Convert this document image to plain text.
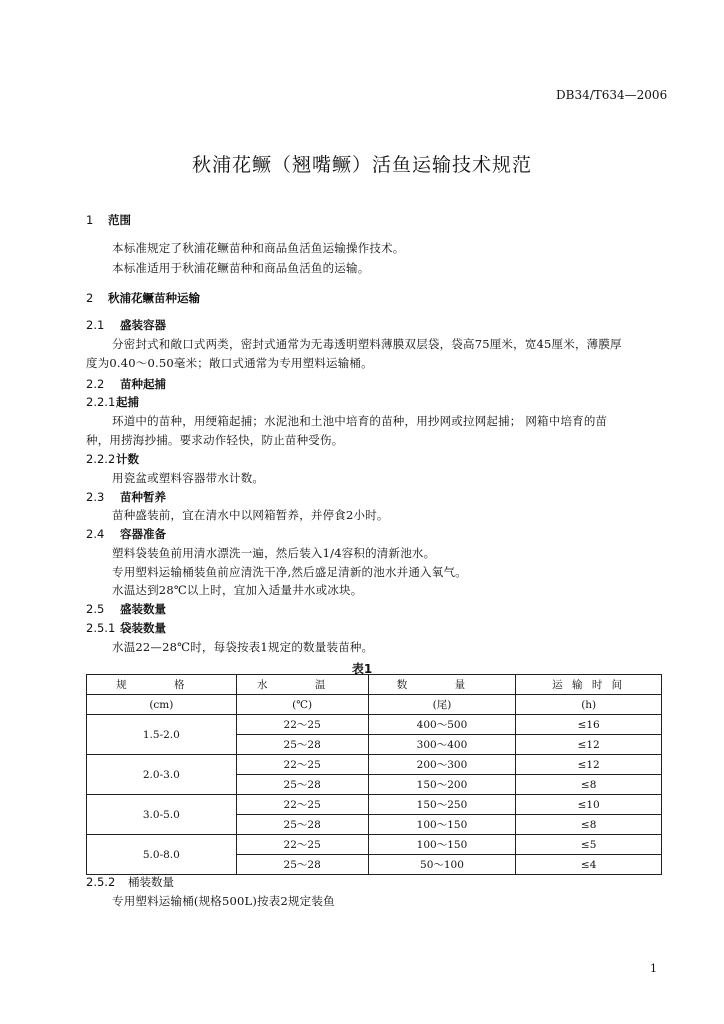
DB34/T634—2006
秋浦花鳜（翘嘴鳜）活鱼运输技术规范
1 范围
本标准规定了秋浦花鳜苗种和商品鱼活鱼运输操作技术。
本标准适用于秋浦花鳜苗种和商品鱼活鱼的运输。
2 秋浦花鳜苗种运输
2.1 盛装容器
分密封式和敞口式两类，密封式通常为无毒透明塑料薄膜双层袋，袋高75厘米，宽45厘米，薄膜厚
度为0.40～0.50毫米；敞口式通常为专用塑料运输桶。
2.2 苗种起捕
2.2.1起捕
环道中的苗种，用绠箱起捕；水泥池和土池中培育的苗种，用抄网或拉网起捕； 网箱中培育的苗
种，用捞海抄捕。要求动作轻快，防止苗种受伤。
2.2.2计数
用瓷盆或塑料容器带水计数。
2.3 苗种暂养
苗种盛装前，宜在清水中以网箱暂养，并停食2小时。
2.4 容器准备
塑料袋装鱼前用清水漂洗一遍，然后装入1/4容积的清新池水。
专用塑料运输桶装鱼前应清洗干净,然后盛足清新的池水并通入氧气。
水温达到28℃以上时，宜加入适量井水或冰块。
2.5 盛装数量
2.5.1 袋装数量
水温22—28℃时，每袋按表1规定的数量装苗种。
表1
规 格	水 温	数 量	运 输 时 间
(cm)	(℃)	(尾)	(h)
1.5-2.0	22～25	400～500	≤16
	25～28	300～400	≤12
2.0-3.0	22～25	200～300	≤12
	25～28	150～200	≤8
3.0-5.0	22～25	150～250	≤10
	25～28	100～150	≤8
5.0-8.0	22～25	100～150	≤5
	25～28	50～100	≤4
2.5.2 桶装数量
专用塑料运输桶(规格500L)按表2规定装鱼
1
